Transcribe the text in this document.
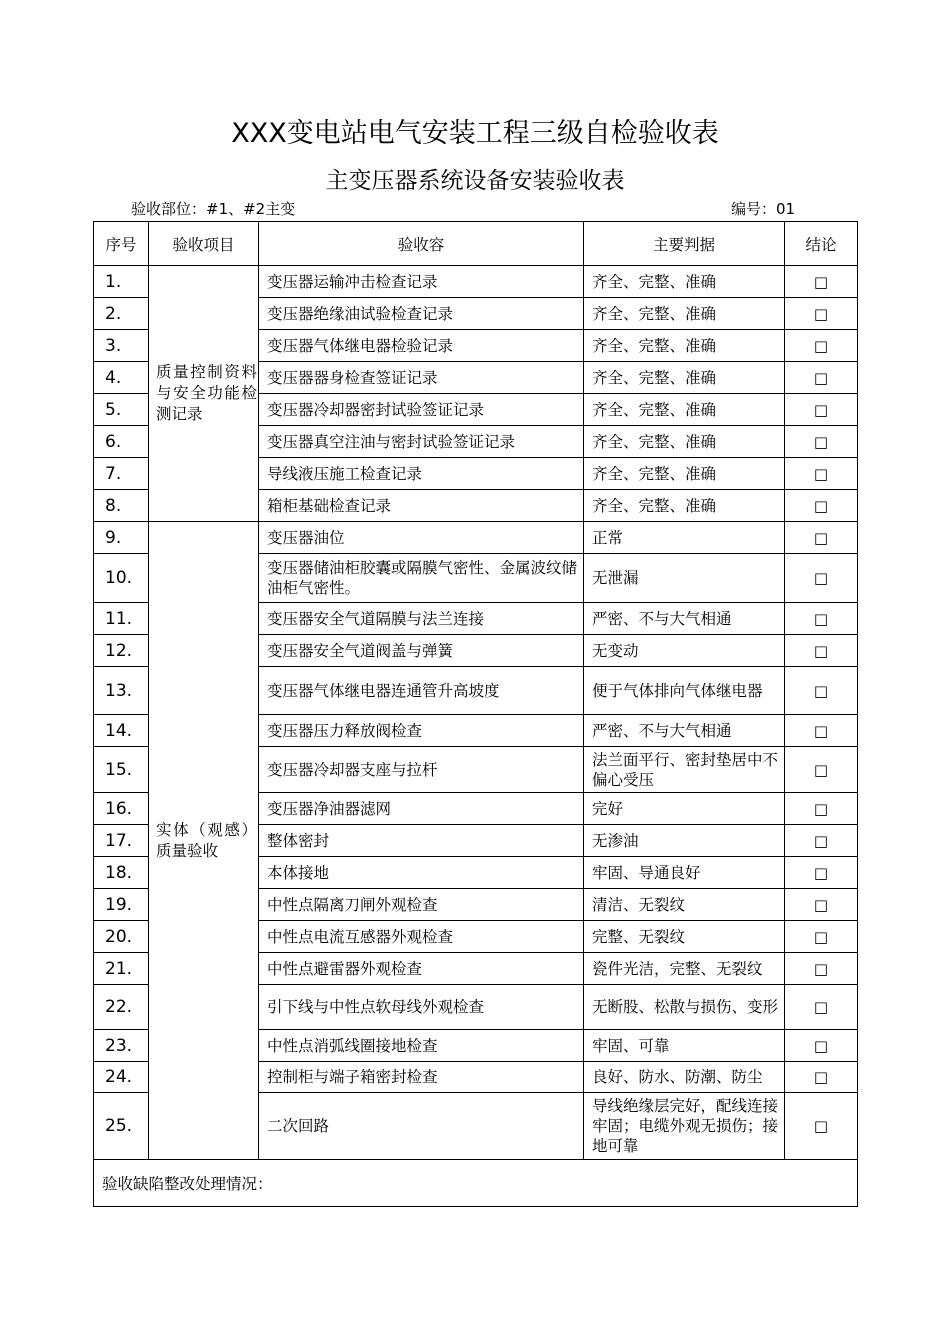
XXX变电站电气安装工程三级自检验收表
主变压器系统设备安装验收表
验收部位：#1、#2主变	编号：01
序号	验收项目	验收容	主要判据	结论
1.	质量控制资料与安全功能检测记录	变压器运输冲击检查记录	齐全、完整、准确	□
2.		变压器绝缘油试验检查记录	齐全、完整、准确	□
3.		变压器气体继电器检验记录	齐全、完整、准确	□
4.		变压器器身检查签证记录	齐全、完整、准确	□
5.		变压器冷却器密封试验签证记录	齐全、完整、准确	□
6.		变压器真空注油与密封试验签证记录	齐全、完整、准确	□
7.		导线液压施工检查记录	齐全、完整、准确	□
8.		箱柜基础检查记录	齐全、完整、准确	□
9.	实体（观感）质量验收	变压器油位	正常	□
10.		变压器储油柜胶囊或隔膜气密性、金属波纹储油柜气密性。	无泄漏	□
11.		变压器安全气道隔膜与法兰连接	严密、不与大气相通	□
12.		变压器安全气道阀盖与弹簧	无变动	□
13.		变压器气体继电器连通管升高坡度	便于气体排向气体继电器	□
14.		变压器压力释放阀检查	严密、不与大气相通	□
15.		变压器冷却器支座与拉杆	法兰面平行、密封垫居中不偏心受压	□
16.		变压器净油器滤网	完好	□
17.		整体密封	无渗油	□
18.		本体接地	牢固、导通良好	□
19.		中性点隔离刀闸外观检查	清洁、无裂纹	□
20.		中性点电流互感器外观检查	完整、无裂纹	□
21.		中性点避雷器外观检查	瓷件光洁，完整、无裂纹	□
22.		引下线与中性点软母线外观检查	无断股、松散与损伤、变形	□
23.		中性点消弧线圈接地检查	牢固、可靠	□
24.		控制柜与端子箱密封检查	良好、防水、防潮、防尘	□
25.		二次回路	导线绝缘层完好，配线连接牢固；电缆外观无损伤；接地可靠	□
验收缺陷整改处理情况：				
